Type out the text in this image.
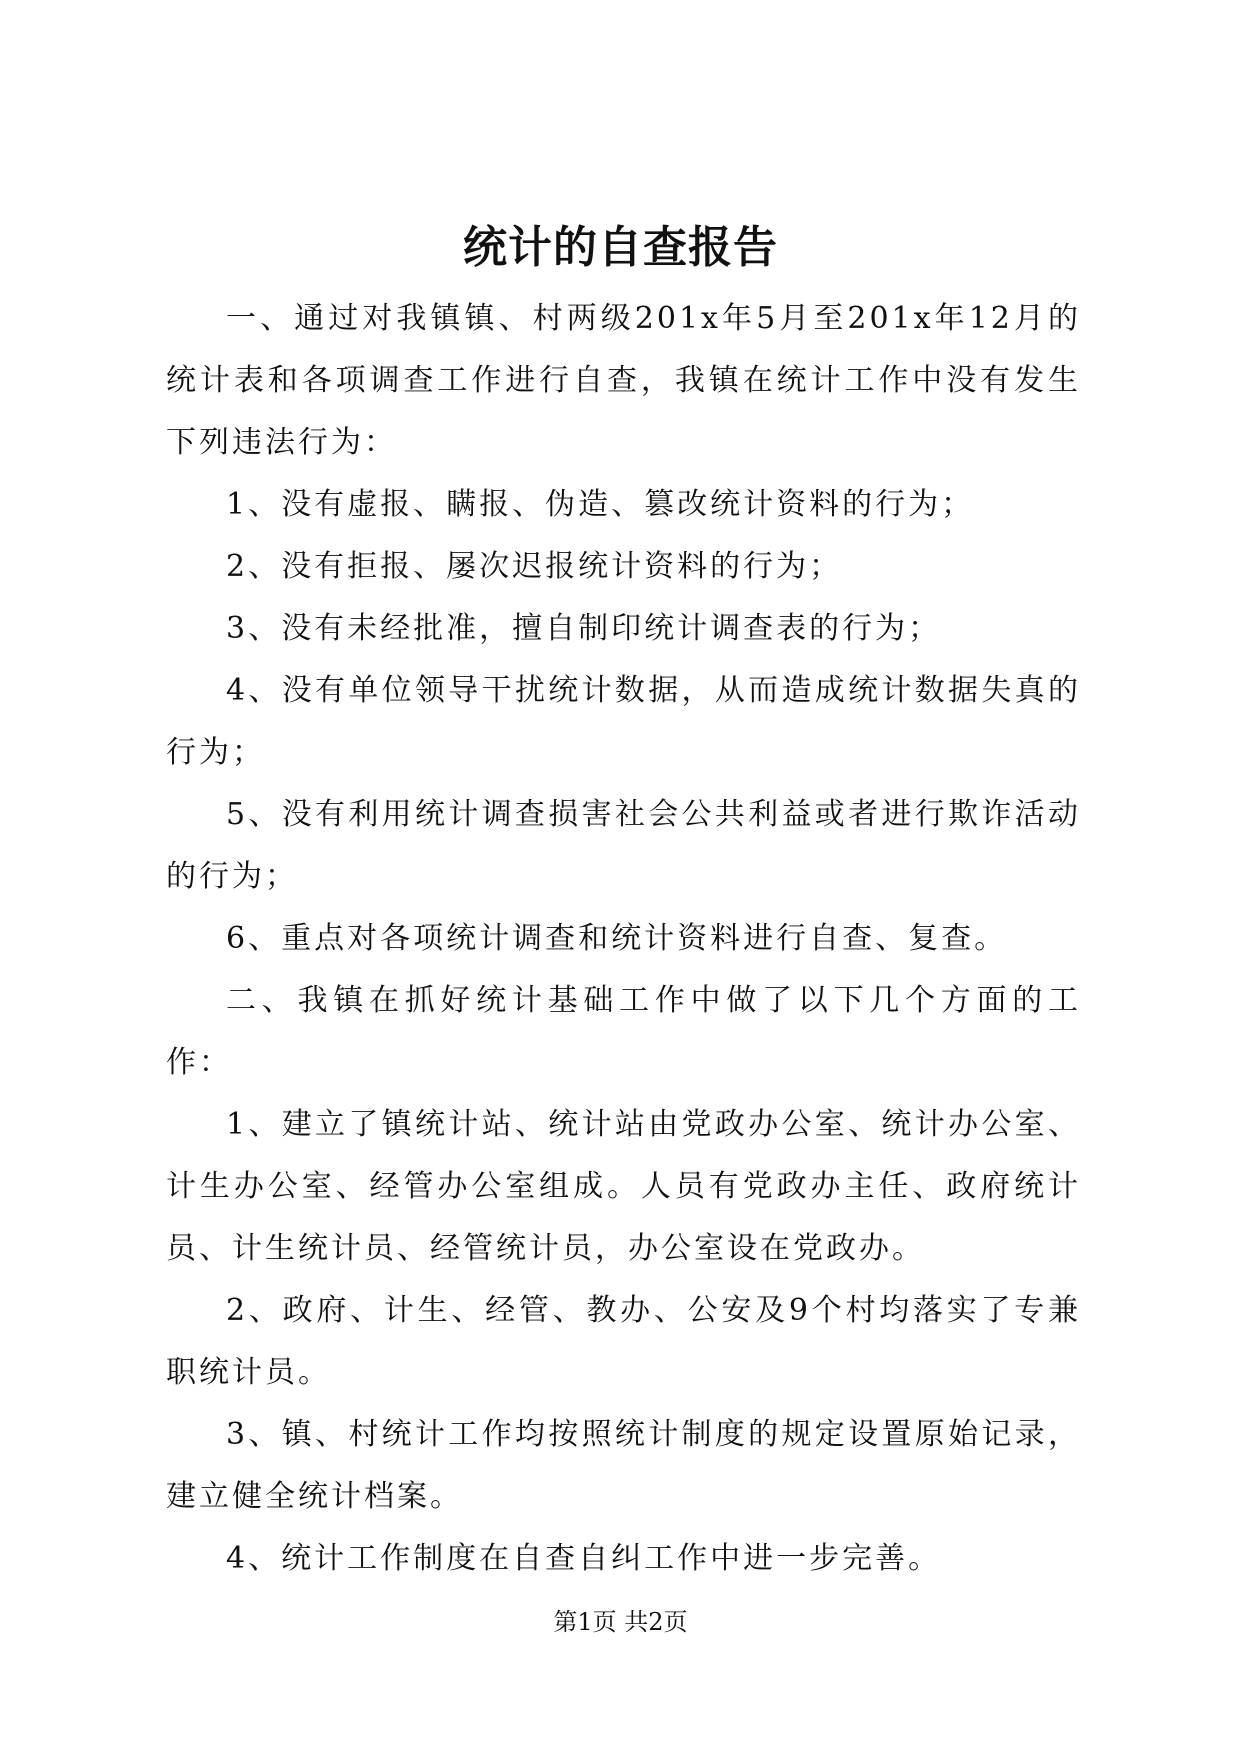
统计的自查报告

一、通过对我镇镇、村两级201x年5月至201x年12月的统计表和各项调查工作进行自查，我镇在统计工作中没有发生下列违法行为：

1、没有虚报、瞒报、伪造、篡改统计资料的行为；

2、没有拒报、屡次迟报统计资料的行为；

3、没有未经批准，擅自制印统计调查表的行为；

4、没有单位领导干扰统计数据，从而造成统计数据失真的行为；

5、没有利用统计调查损害社会公共利益或者进行欺诈活动的行为；

6、重点对各项统计调查和统计资料进行自查、复查。

二、我镇在抓好统计基础工作中做了以下几个方面的工作：

1、建立了镇统计站、统计站由党政办公室、统计办公室、计生办公室、经管办公室组成。人员有党政办主任、政府统计员、计生统计员、经管统计员，办公室设在党政办。

2、政府、计生、经管、教办、公安及9个村均落实了专兼职统计员。

3、镇、村统计工作均按照统计制度的规定设置原始记录，建立健全统计档案。

4、统计工作制度在自查自纠工作中进一步完善。

第1页 共2页
